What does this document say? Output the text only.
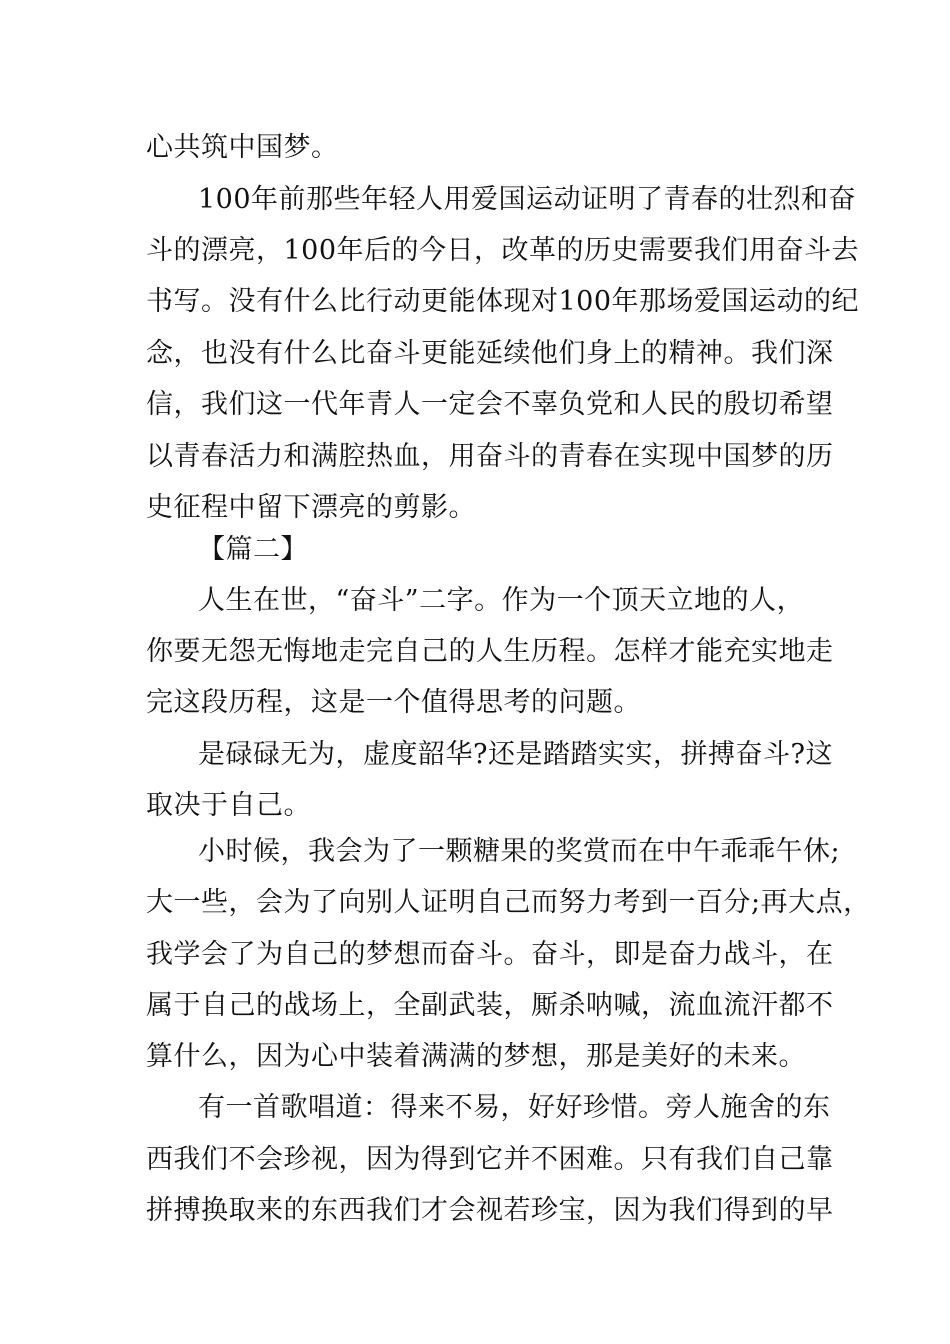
心共筑中国梦。
100年前那些年轻人用爱国运动证明了青春的壮烈和奋
斗的漂亮，100年后的今日，改革的历史需要我们用奋斗去
书写。没有什么比行动更能体现对100年那场爱国运动的纪
念，也没有什么比奋斗更能延续他们身上的精神。我们深
信，我们这一代年青人一定会不辜负党和人民的殷切希望
以青春活力和满腔热血，用奋斗的青春在实现中国梦的历
史征程中留下漂亮的剪影。
【篇二】
人生在世，“奋斗”二字。作为一个顶天立地的人，
你要无怨无悔地走完自己的人生历程。怎样才能充实地走
完这段历程，这是一个值得思考的问题。
是碌碌无为，虚度韶华?还是踏踏实实，拼搏奋斗?这
取决于自己。
小时候，我会为了一颗糖果的奖赏而在中午乖乖午休;
大一些，会为了向别人证明自己而努力考到一百分;再大点，
我学会了为自己的梦想而奋斗。奋斗，即是奋力战斗，在
属于自己的战场上，全副武装，厮杀呐喊，流血流汗都不
算什么，因为心中装着满满的梦想，那是美好的未来。
有一首歌唱道：得来不易，好好珍惜。旁人施舍的东
西我们不会珍视，因为得到它并不困难。只有我们自己靠
拼搏换取来的东西我们才会视若珍宝，因为我们得到的早
